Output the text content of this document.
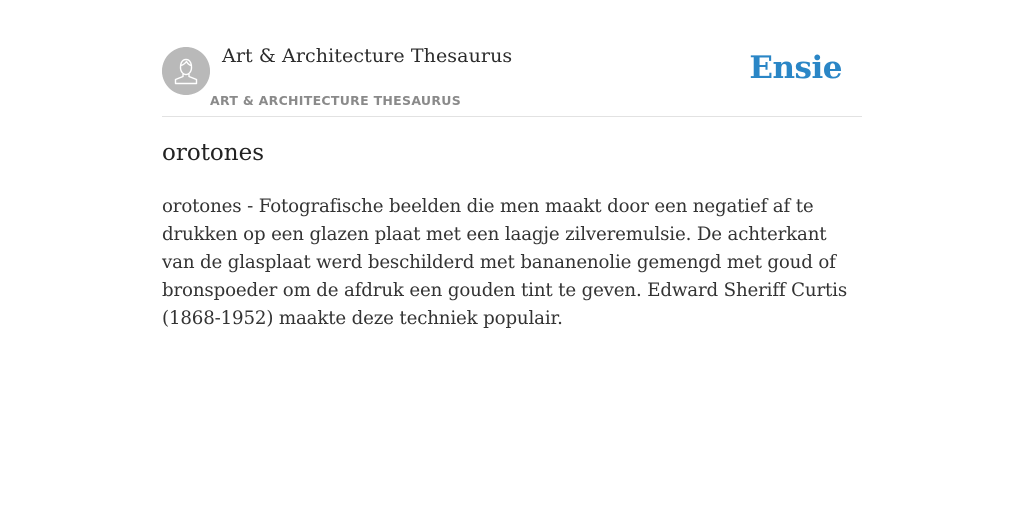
Art & Architecture Thesaurus
ART & ARCHITECTURE THESAURUS
Ensie
orotones

orotones - Fotografische beelden die men maakt door een negatief af te drukken op een glazen plaat met een laagje zilveremulsie. De achterkant van de glasplaat werd beschilderd met bananenolie gemengd met goud of bronspoeder om de afdruk een gouden tint te geven. Edward Sheriff Curtis (1868-1952) maakte deze techniek populair.
